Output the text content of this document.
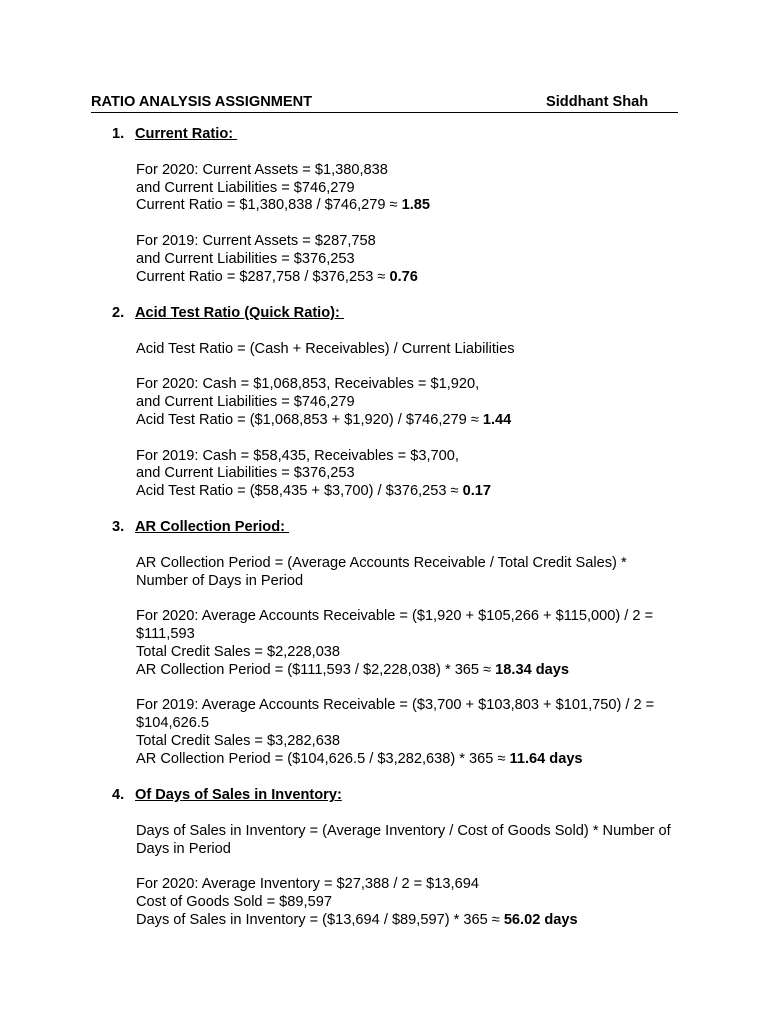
RATIO ANALYSIS ASSIGNMENT	Siddhant Shah
1. Current Ratio:
For 2020: Current Assets = $1,380,838
and Current Liabilities = $746,279
Current Ratio = $1,380,838 / $746,279 ≈ 1.85
For 2019: Current Assets = $287,758
and Current Liabilities = $376,253
Current Ratio = $287,758 / $376,253 ≈ 0.76
2. Acid Test Ratio (Quick Ratio):
Acid Test Ratio = (Cash + Receivables) / Current Liabilities
For 2020: Cash = $1,068,853, Receivables = $1,920,
and Current Liabilities = $746,279
Acid Test Ratio = ($1,068,853 + $1,920) / $746,279 ≈ 1.44
For 2019: Cash = $58,435, Receivables = $3,700,
and Current Liabilities = $376,253
Acid Test Ratio = ($58,435 + $3,700) / $376,253 ≈ 0.17
3. AR Collection Period:
AR Collection Period = (Average Accounts Receivable / Total Credit Sales) * Number of Days in Period
For 2020: Average Accounts Receivable = ($1,920 + $105,266 + $115,000) / 2 = $111,593
Total Credit Sales = $2,228,038
AR Collection Period = ($111,593 / $2,228,038) * 365 ≈ 18.34 days
For 2019: Average Accounts Receivable = ($3,700 + $103,803 + $101,750) / 2 = $104,626.5
Total Credit Sales = $3,282,638
AR Collection Period = ($104,626.5 / $3,282,638) * 365 ≈ 11.64 days
4. Of Days of Sales in Inventory:
Days of Sales in Inventory = (Average Inventory / Cost of Goods Sold) * Number of Days in Period
For 2020: Average Inventory = $27,388 / 2 = $13,694
Cost of Goods Sold = $89,597
Days of Sales in Inventory = ($13,694 / $89,597) * 365 ≈ 56.02 days
